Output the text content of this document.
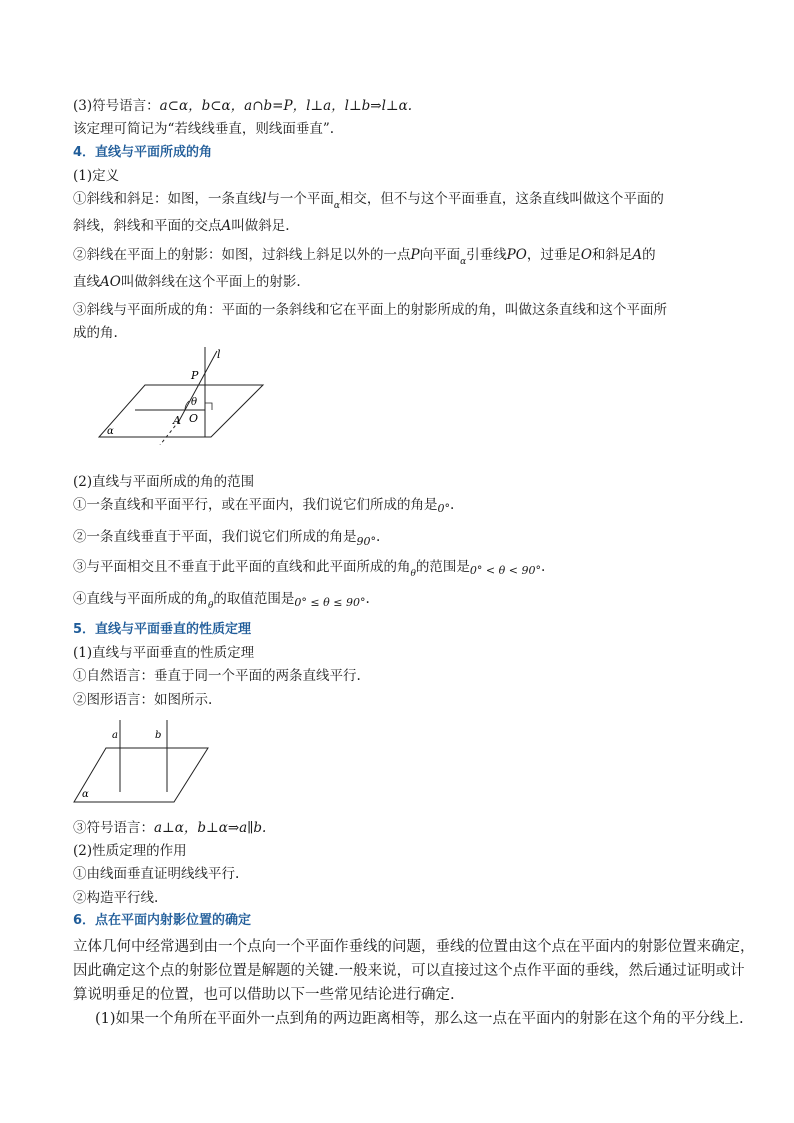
(3)符号语言：a⊂α，b⊂α，a∩b=P，l⊥a，l⊥b⇒l⊥α.
该定理可简记为“若线线垂直，则线面垂直”.
4．直线与平面所成的角
(1)定义
①斜线和斜足：如图，一条直线l与一个平面$_\alpha$相交，但不与这个平面垂直，这条直线叫做这个平面的
斜线，斜线和平面的交点A叫做斜足.
②斜线在平面上的射影：如图，过斜线上斜足以外的一点P向平面$_\alpha$引垂线PO，过垂足O和斜足A的
直线AO叫做斜线在这个平面上的射影.
③斜线与平面所成的角：平面的一条斜线和它在平面上的射影所成的角，叫做这条直线和这个平面所
成的角.
l
P
θ
A O
α
(2)直线与平面所成的角的范围
①一条直线和平面平行，或在平面内，我们说它们所成的角是$_{0^\circ}$.
②一条直线垂直于平面，我们说它们所成的角是$_{90^\circ}$.
③与平面相交且不垂直于此平面的直线和此平面所成的角$_\theta$的范围是$_{0^\circ < \theta < 90^\circ}$.
④直线与平面所成的角$_\theta$的取值范围是$_{0^\circ \le \theta \le 90^\circ}$.
5．直线与平面垂直的性质定理
(1)直线与平面垂直的性质定理
①自然语言：垂直于同一个平面的两条直线平行.
②图形语言：如图所示.
a	b
α
③符号语言：a⊥α，b⊥α⇒a∥b.
(2)性质定理的作用
①由线面垂直证明线线平行.
②构造平行线.
6．点在平面内射影位置的确定
立体几何中经常遇到由一个点向一个平面作垂线的问题，垂线的位置由这个点在平面内的射影位置来确定，
因此确定这个点的射影位置是解题的关键.一般来说，可以直接过这个点作平面的垂线，然后通过证明或计
算说明垂足的位置，也可以借助以下一些常见结论进行确定.
(1)如果一个角所在平面外一点到角的两边距离相等，那么这一点在平面内的射影在这个角的平分线上.
